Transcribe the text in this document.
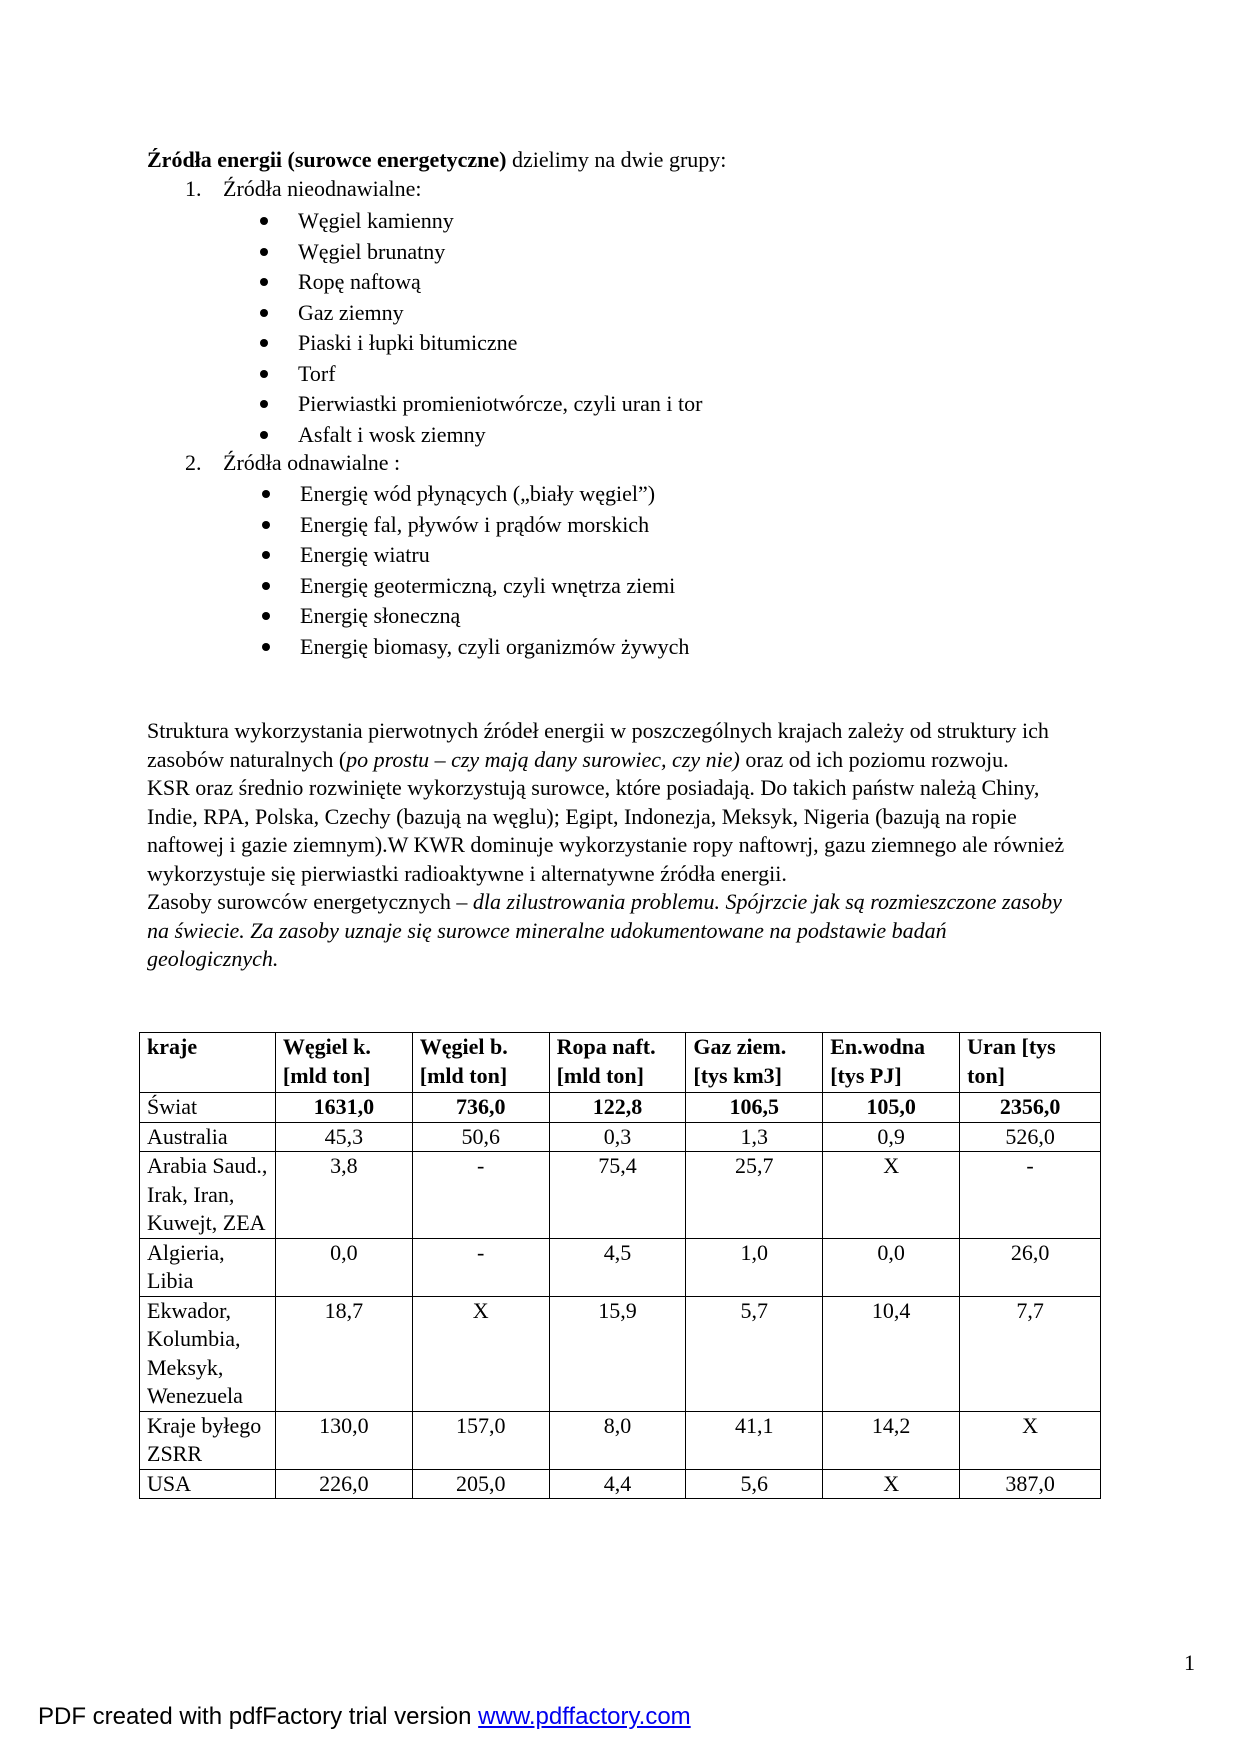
Źródła energii (surowce energetyczne) dzielimy na dwie grupy:
1. Źródła nieodnawialne:
Węgiel kamienny
Węgiel brunatny
Ropę naftową
Gaz ziemny
Piaski i łupki bitumiczne
Torf
Pierwiastki promieniotwórcze, czyli uran i tor
Asfalt i wosk ziemny
2. Źródła odnawialne :
Energię wód płynących („biały węgiel”)
Energię fal, pływów i prądów morskich
Energię wiatru
Energię geotermiczną, czyli wnętrza ziemi
Energię słoneczną
Energię biomasy, czyli organizmów żywych
Struktura wykorzystania pierwotnych źródeł energii w poszczególnych krajach zależy od struktury ich
zasobów naturalnych (po prostu – czy mają dany surowiec, czy nie) oraz od ich poziomu rozwoju.
KSR oraz średnio rozwinięte wykorzystują surowce, które posiadają. Do takich państw należą Chiny,
Indie, RPA, Polska, Czechy (bazują na węglu); Egipt, Indonezja, Meksyk, Nigeria (bazują na ropie
naftowej i gazie ziemnym).W KWR dominuje wykorzystanie ropy naftowrj, gazu ziemnego ale również
wykorzystuje się pierwiastki radioaktywne i alternatywne źródła energii.
Zasoby surowców energetycznych – dla zilustrowania problemu. Spójrzcie jak są rozmieszczone zasoby
na świecie. Za zasoby uznaje się surowce mineralne udokumentowane na podstawie badań
geologicznych.
kraje	Węgiel k. [mld ton]	Węgiel b. [mld ton]	Ropa naft. [mld ton]	Gaz ziem. [tys km3]	En.wodna [tys PJ]	Uran [tys ton]
Świat	1631,0	736,0	122,8	106,5	105,0	2356,0
Australia	45,3	50,6	0,3	1,3	0,9	526,0
Arabia Saud., Irak, Iran, Kuwejt, ZEA	3,8	-	75,4	25,7	X	-
Algieria, Libia	0,0	-	4,5	1,0	0,0	26,0
Ekwador, Kolumbia, Meksyk, Wenezuela	18,7	X	15,9	5,7	10,4	7,7
Kraje byłego ZSRR	130,0	157,0	8,0	41,1	14,2	X
USA	226,0	205,0	4,4	5,6	X	387,0
1
PDF created with pdfFactory trial version www.pdffactory.com
